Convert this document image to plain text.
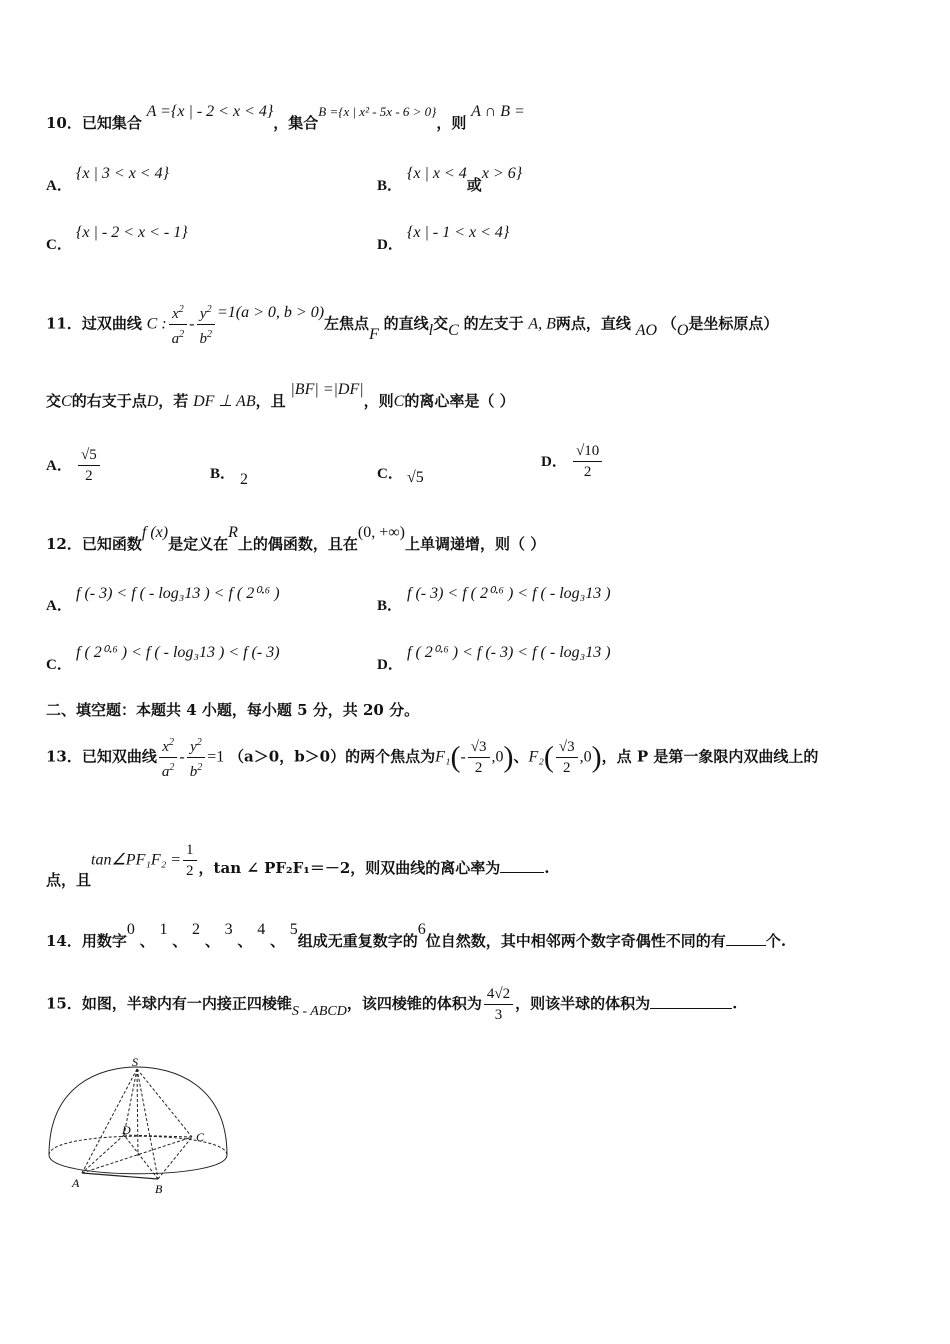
10．已知集合 A ={x | - 2 < x < 4}，集合B ={x | x² - 5x - 6 > 0}，则 A ∩ B =
A．{x | 3 < x < 4}
B．{x | x < 4或x > 6}
C．{x | - 2 < x < - 1}
D．{x | - 1 < x < 4}
11．过双曲线 C : $\frac{x^2}{a^2} - \frac{y^2}{b^2} =1(a > 0$, b > 0)左焦点F 的直线l交C 的左支于 A, B两点，直线 AO （O是坐标原点）
交C的右支于点D，若 DF ⊥ AB，且 |BF| =|DF|，则C的离心率是（ ）
A． $\frac{√5}{2}$	B． 2	C． √5
D． $\frac{√10}{2}$
12．已知函数f (x)是定义在R上的偶函数，且在(0, +∞)上单调递增，则（ ）
A．f (- 3) < f ( - log₃13 ) < f ( 2⁰·⁶ )
B．f (- 3) < f ( 2⁰·⁶ ) < f ( - log₃13 )
C．f ( 2⁰·⁶ ) < f ( - log₃13 ) < f (- 3)
D．f ( 2⁰·⁶ ) < f (- 3) < f ( - log₃13 )
二、填空题：本题共 4 小题，每小题 5 分，共 20 分。
13．已知双曲线 $\frac{x^2}{a^2} - \frac{y^2}{b^2} =1$ （a＞0，b＞0）的两个焦点为$F_1(- \frac{√3}{2} ,0)$、$F_2( \frac{√3}{2} ,0)$，点 P 是第一象限内双曲线上的
点，且tan∠PF₁F₂ = $\frac{1}{2}$ ，tan ∠ PF₂F₁＝－2，则双曲线的离心率为	.
14．用数字0 、 1 、 2 、 3 、 4 、 5组成无重复数字的6位自然数，其中相邻两个数字奇偶性不同的有	个.
15．如图，半球内有一内接正四棱锥S - ABCD，该四棱锥的体积为 $\frac{4√2}{3}$ ，则该半球的体积为	.
S
D	C
A	B
